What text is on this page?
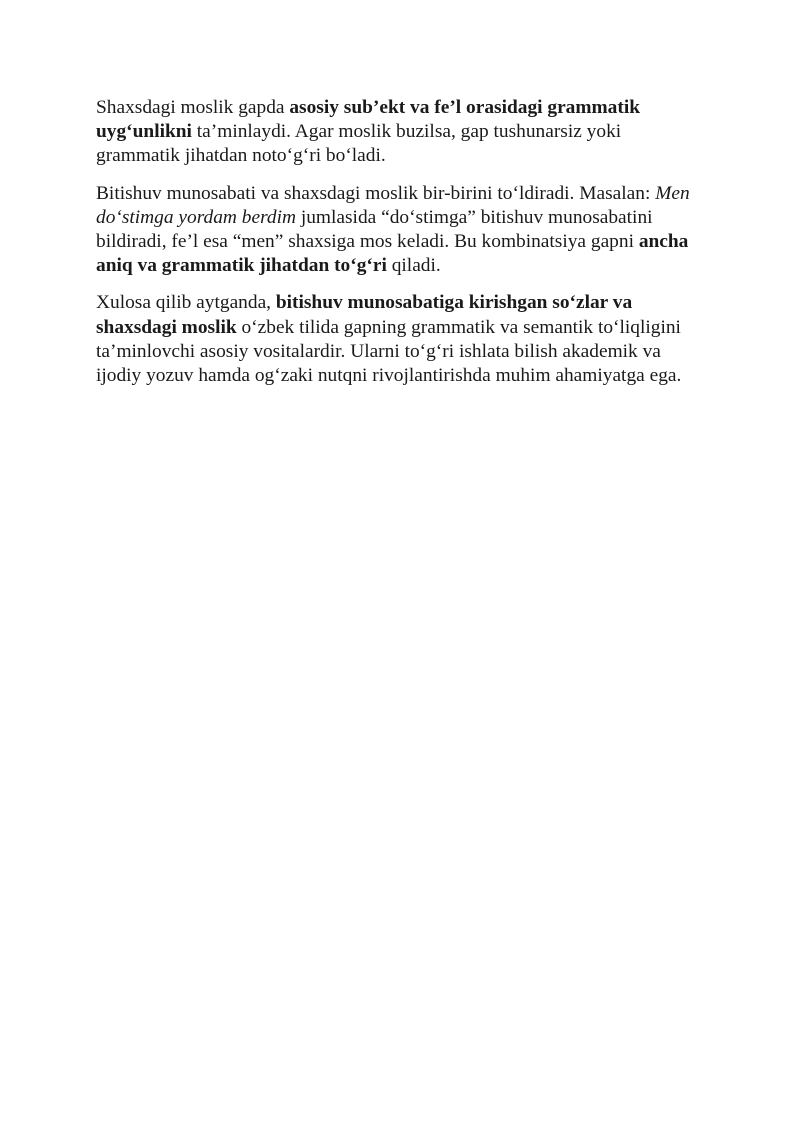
Shaxsdagi moslik gapda asosiy sub’ekt va fe’l orasidagi grammatik uyg‘unlikni ta’minlaydi. Agar moslik buzilsa, gap tushunarsiz yoki grammatik jihatdan noto‘g‘ri bo‘ladi.

Bitishuv munosabati va shaxsdagi moslik bir-birini to‘ldiradi. Masalan: Men do‘stimga yordam berdim jumlasida “do‘stimga” bitishuv munosabatini bildiradi, fe’l esa “men” shaxsiga mos keladi. Bu kombinatsiya gapni ancha aniq va grammatik jihatdan to‘g‘ri qiladi.

Xulosa qilib aytganda, bitishuv munosabatiga kirishgan so‘zlar va shaxsdagi moslik o‘zbek tilida gapning grammatik va semantik to‘liqligini ta’minlovchi asosiy vositalardir. Ularni to‘g‘ri ishlata bilish akademik va ijodiy yozuv hamda og‘zaki nutqni rivojlantirishda muhim ahamiyatga ega.
